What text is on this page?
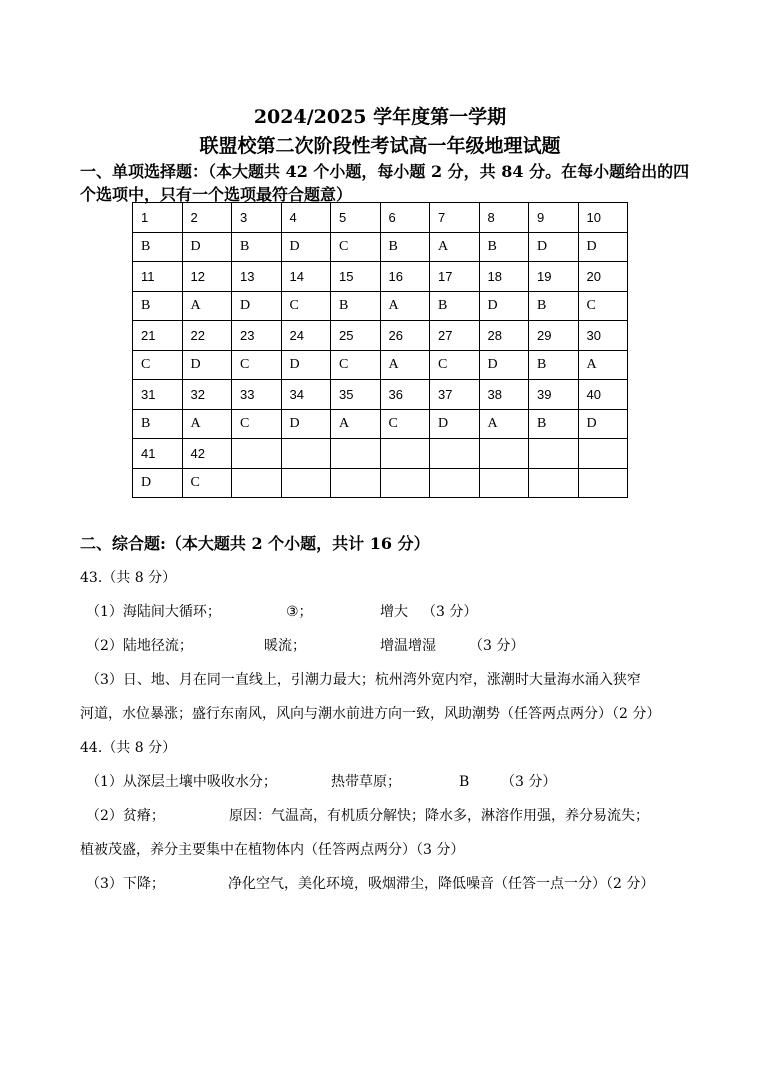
2024/2025 学年度第一学期
联盟校第二次阶段性考试高一年级地理试题
一、单项选择题：（本大题共 42 个小题，每小题 2 分，共 84 分。在每小题给出的四个选项中，只有一个选项最符合题意）
1	2	3	4	5	6	7	8	9	10
B	D	B	D	C	B	A	B	D	D
11	12	13	14	15	16	17	18	19	20
B	A	D	C	B	A	B	D	B	C
21	22	23	24	25	26	27	28	29	30
C	D	C	D	C	A	C	D	B	A
31	32	33	34	35	36	37	38	39	40
B	A	C	D	A	C	D	A	B	D
41	42								
D	C								
二、综合题:（本大题共 2 个小题，共计 16 分）
43.（共 8 分）
（1）海陆间大循环；	③；	增大 （3 分）
（2）陆地径流；	暖流；	增温增湿 （3 分）
（3）日、地、月在同一直线上，引潮力最大；杭州湾外宽内窄，涨潮时大量海水涌入狭窄
河道，水位暴涨；盛行东南风，风向与潮水前进方向一致，风助潮势（任答两点两分）（2 分）
44.（共 8 分）
（1）从深层土壤中吸收水分；	热带草原；	B （3 分）
（2）贫瘠；	原因：气温高，有机质分解快；降水多，淋溶作用强，养分易流失；
植被茂盛，养分主要集中在植物体内（任答两点两分）（3 分）
（3）下降；	净化空气，美化环境，吸烟滞尘，降低噪音（任答一点一分）（2 分）
